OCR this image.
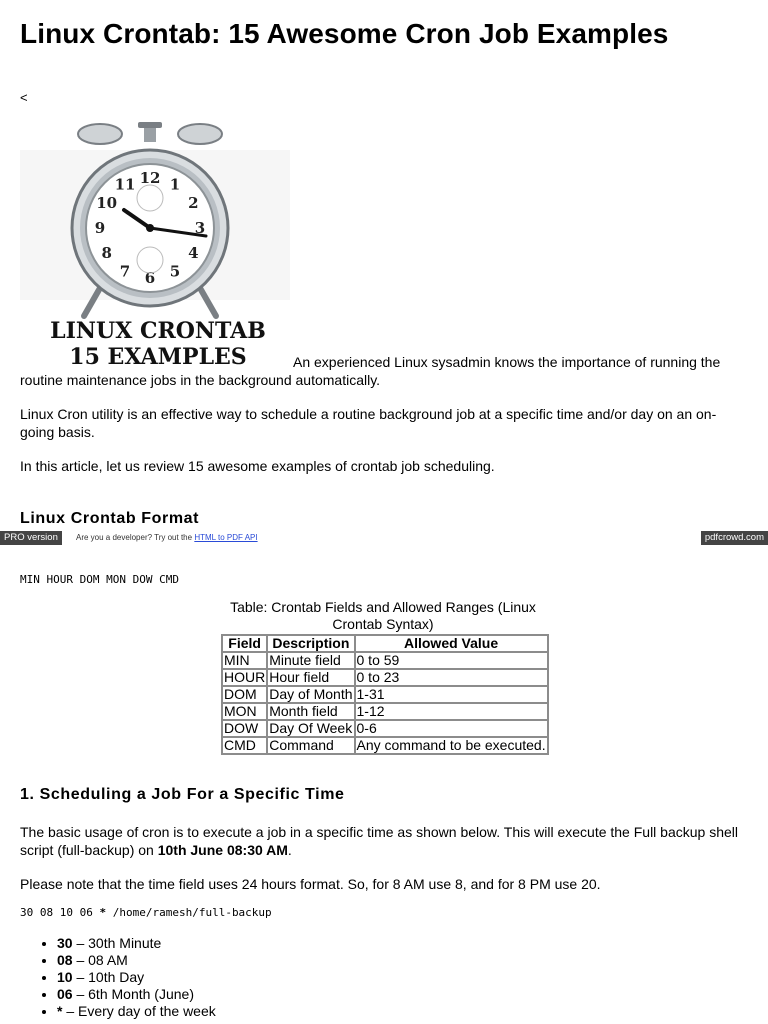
Linux Crontab: 15 Awesome Cron Job Examples
<
12 1
2
3
4
5
6
7
8
9
10
11
LINUX CRONTAB
15 EXAMPLES	An experienced Linux sysadmin knows the importance of running the

routine maintenance jobs in the background automatically.

Linux Cron utility is an effective way to schedule a routine background job at a specific time and/or day on an on-going basis.

In this article, let us review 15 awesome examples of crontab job scheduling.

Linux Crontab Format
PRO version	Are you a developer? Try out the HTML to PDF API	pdfcrowd.com
MIN HOUR DOM MON DOW CMD
Table: Crontab Fields and Allowed Ranges (Linux Crontab Syntax)
Field	Description	Allowed Value
MIN	Minute field	0 to 59
HOUR	Hour field	0 to 23
DOM	Day of Month	1-31
MON	Month field	1-12
DOW	Day Of Week	0-6
CMD	Command	Any command to be executed.
1. Scheduling a Job For a Specific Time

The basic usage of cron is to execute a job in a specific time as shown below. This will execute the Full backup shell script (full-backup) on 10th June 08:30 AM.

Please note that the time field uses 24 hours format. So, for 8 AM use 8, and for 8 PM use 20.

30 08 10 06 * /home/ramesh/full-backup
• 30 – 30th Minute
• 08 – 08 AM
• 10 – 10th Day
• 06 – 6th Month (June)
• * – Every day of the week
